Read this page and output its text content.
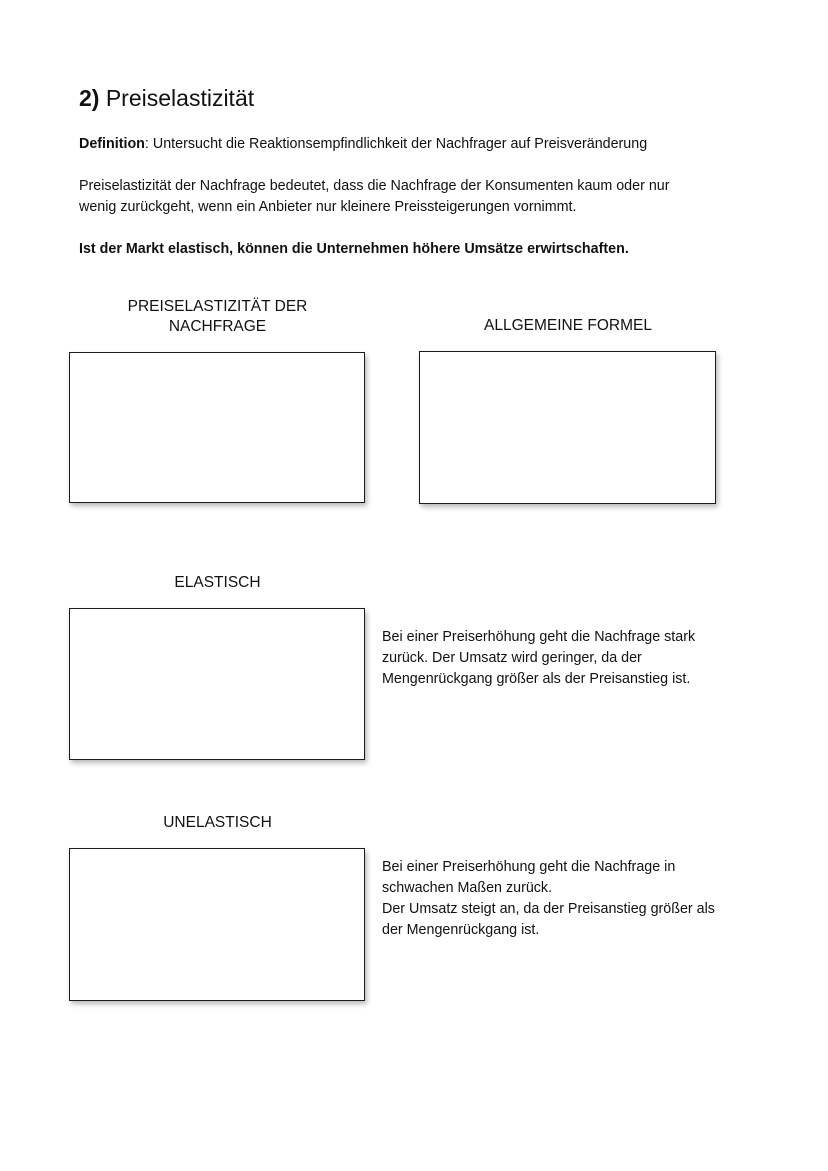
2) Preiselastizität
Definition: Untersucht die Reaktionsempfindlichkeit der Nachfrager auf Preisveränderung
Preiselastizität der Nachfrage bedeutet, dass die Nachfrage der Konsumenten kaum oder nur
wenig zurückgeht, wenn ein Anbieter nur kleinere Preissteigerungen vornimmt.
Ist der Markt elastisch, können die Unternehmen höhere Umsätze erwirtschaften.
PREISELASTIZITÄT DER
NACHFRAGE	ALLGEMEINE FORMEL
ELASTISCH
Bei einer Preiserhöhung geht die Nachfrage stark
zurück. Der Umsatz wird geringer, da der
Mengenrückgang größer als der Preisanstieg ist.
UNELASTISCH
Bei einer Preiserhöhung geht die Nachfrage in
schwachen Maßen zurück.
Der Umsatz steigt an, da der Preisanstieg größer als
der Mengenrückgang ist.
